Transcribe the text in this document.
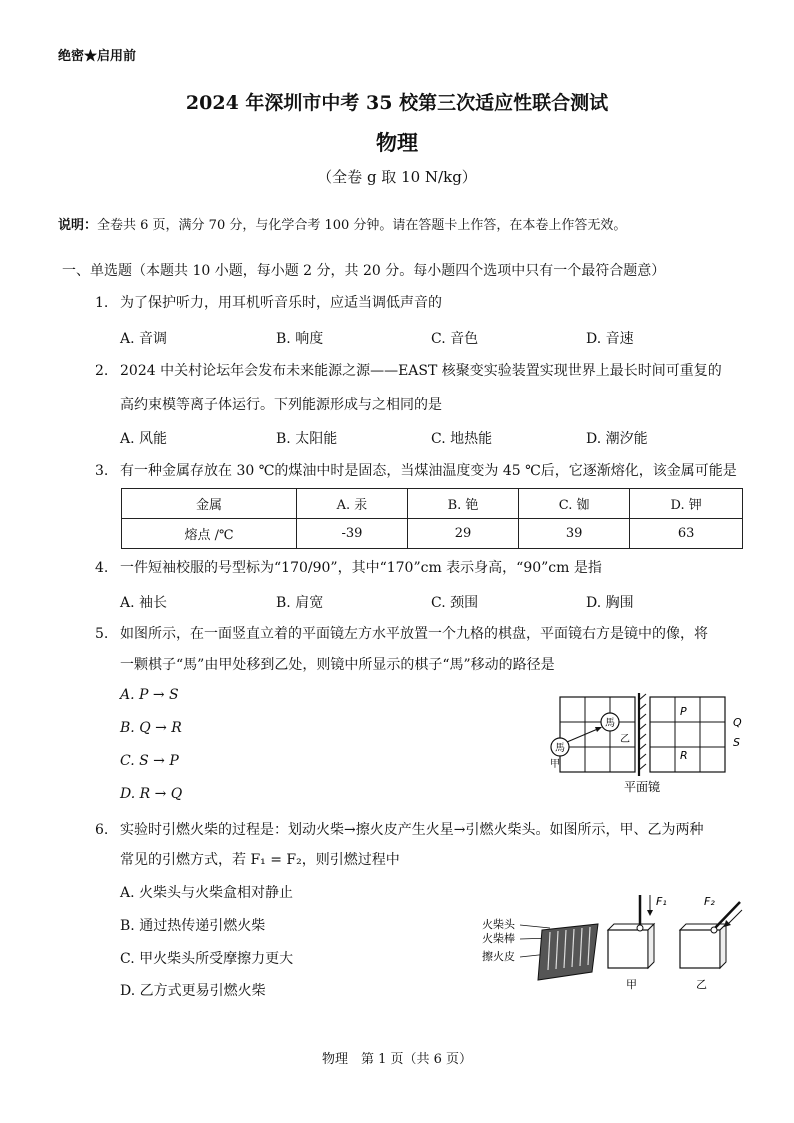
绝密★启用前
2024 年深圳市中考 35 校第三次适应性联合测试
物理
（全卷 g 取 10 N/kg）
说明：全卷共 6 页，满分 70 分，与化学合考 100 分钟。请在答题卡上作答，在本卷上作答无效。
一、单选题（本题共 10 小题，每小题 2 分，共 20 分。每小题四个选项中只有一个最符合题意）
1. 为了保护听力，用耳机听音乐时，应适当调低声音的
A. 音调	B. 响度	C. 音色	D. 音速
2. 2024 中关村论坛年会发布未来能源之源——EAST 核聚变实验装置实现世界上最长时间可重复的
高约束模等离子体运行。下列能源形成与之相同的是
A. 风能	B. 太阳能	C. 地热能	D. 潮汐能
3. 有一种金属存放在 30 ℃的煤油中时是固态，当煤油温度变为 45 ℃后，它逐渐熔化，该金属可能是
金属	A. 汞	B. 铯	C. 铷	D. 钾
熔点 /℃	-39	29	39	63
4. 一件短袖校服的号型标为“170/90”，其中“170”cm 表示身高，“90”cm 是指
A. 袖长	B. 肩宽	C. 颈围	D. 胸围
5. 如图所示，在一面竖直立着的平面镜左方水平放置一个九格的棋盘，平面镜右方是镜中的像，将
一颗棋子“馬”由甲处移到乙处，则镜中所显示的棋子“馬”移动的路径是
A. P → S
B. Q → R
C. S → P
D. R → Q
馬
馬
甲
乙
P
R
Q
S
平面镜
6. 实验时引燃火柴的过程是：划动火柴→擦火皮产生火星→引燃火柴头。如图所示，甲、乙为两种
常见的引燃方式，若 F₁ = F₂，则引燃过程中
A. 火柴头与火柴盒相对静止
B. 通过热传递引燃火柴
C. 甲火柴头所受摩擦力更大
D. 乙方式更易引燃火柴
火柴头
火柴棒
擦火皮
F₁
甲
F₂
乙
物理　第 1 页（共 6 页）
